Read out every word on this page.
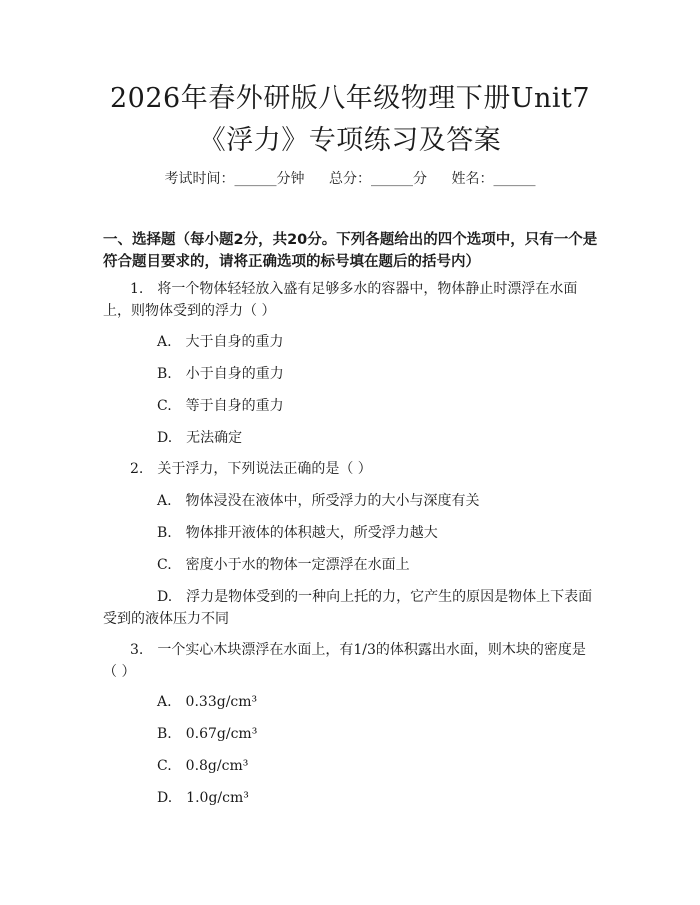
2026年春外研版八年级物理下册Unit7《浮力》专项练习及答案
考试时间：______分钟 总分：______分 姓名：______
一、选择题（每小题2分，共20分。下列各题给出的四个选项中，只有一个是符合题目要求的，请将正确选项的标号填在题后的括号内）
1.　将一个物体轻轻放入盛有足够多水的容器中，物体静止时漂浮在水面上，则物体受到的浮力（ ）
A.　大于自身的重力
B.　小于自身的重力
C.　等于自身的重力
D.　无法确定
2.　关于浮力，下列说法正确的是（ ）
A.　物体浸没在液体中，所受浮力的大小与深度有关
B.　物体排开液体的体积越大，所受浮力越大
C.　密度小于水的物体一定漂浮在水面上
D.　浮力是物体受到的一种向上托的力，它产生的原因是物体上下表面受到的液体压力不同
3.　一个实心木块漂浮在水面上，有1/3的体积露出水面，则木块的密度是（ ）
A.　0.33g/cm³
B.　0.67g/cm³
C.　0.8g/cm³
D.　1.0g/cm³
